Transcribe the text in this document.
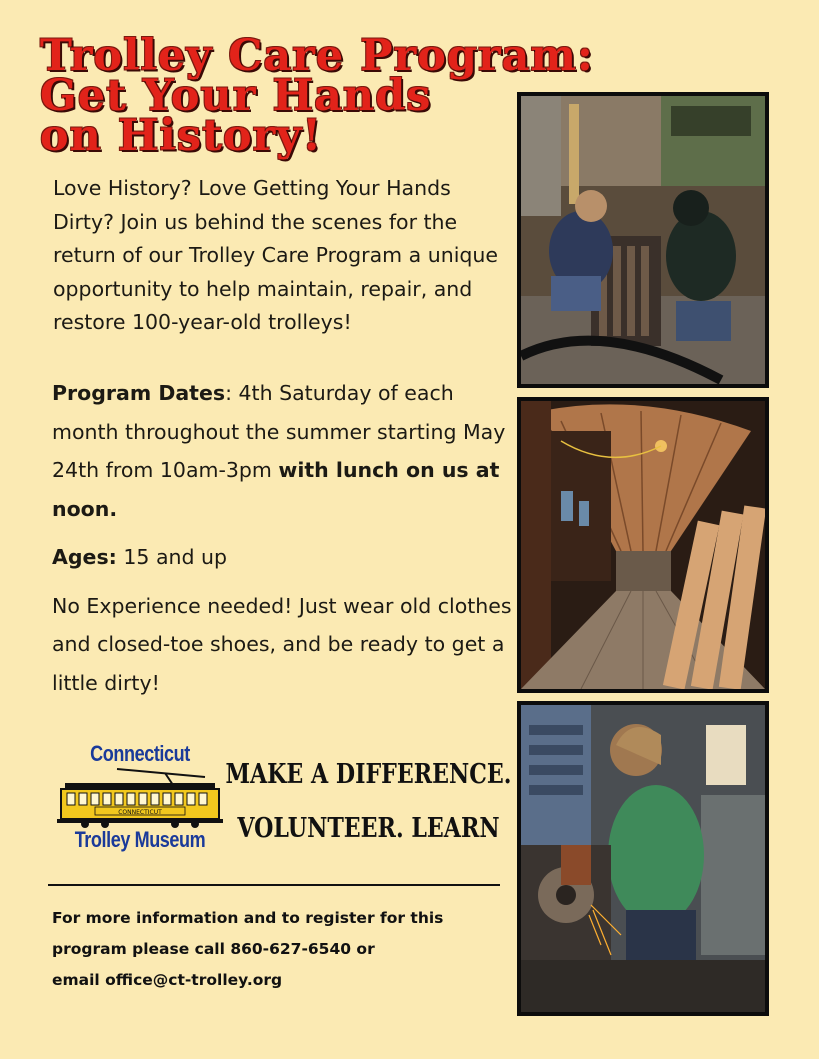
Trolley Care Program:
Get Your Hands
on History!
Love History? Love Getting Your Hands Dirty? Join us behind the scenes for the return of our Trolley Care Program a unique opportunity to help maintain, repair, and restore 100-year-old trolleys!

Program Dates: 4th Saturday of each month throughout the summer starting May 24th from 10am-3pm with lunch on us at noon.

Ages: 15 and up

No Experience needed! Just wear old clothes and closed-toe shoes, and be ready to get a little dirty!

Connecticut
CONNECTICUT
Trolley Museum
MAKE A DIFFERENCE.
VOLUNTEER. LEARN
For more information and to register for this
program please call 860-627-6540 or
email office@ct-trolley.org
